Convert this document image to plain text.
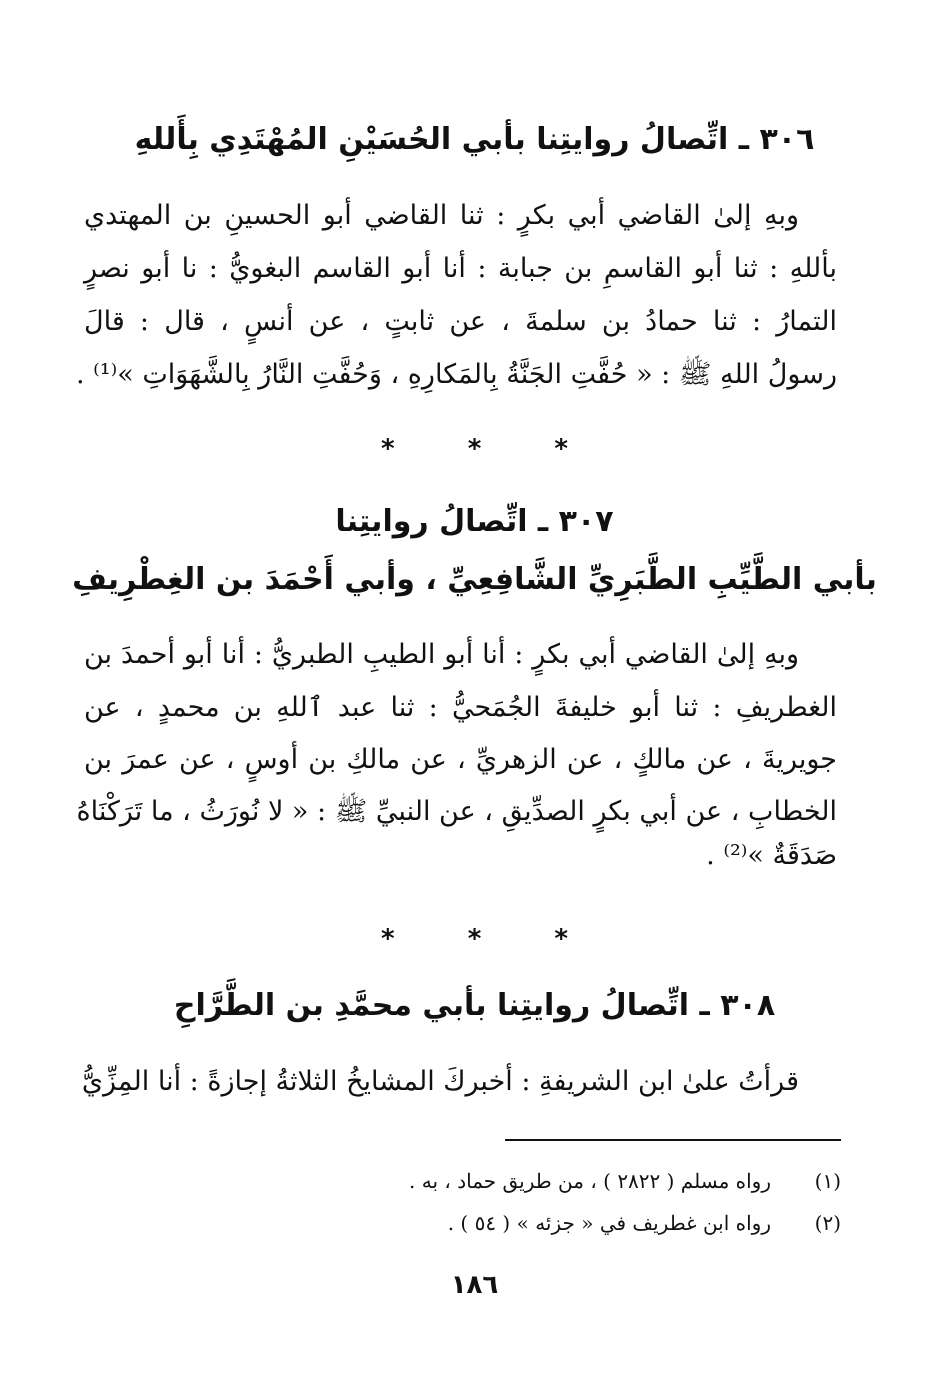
٣٠٦ ـ اتِّصالُ روايتِنا بأبي الحُسَيْنِ المُهْتَدِي بِأَللهِ
وبهِ إلىٰ القاضي أبي بكرٍ : ثنا القاضي أبو الحسينِ بن المهتدي
بأللهِ : ثنا أبو القاسمِ بن جبابة : أنا أبو القاسم البغويُّ : نا أبو نصرٍ
التمارُ : ثنا حمادُ بن سلمةَ ، عن ثابتٍ ، عن أنسٍ ، قال : قالَ
رسولُ اللهِ ﷺ : « حُفَّتِ الجَنَّةُ بِالمَكارِهِ ، وَحُفَّتِ النَّارُ بِالشَّهَوَاتِ »⁽¹⁾ .
* * *
٣٠٧ ـ اتِّصالُ روايتِنا
بأبي الطَّيِّبِ الطَّبَرِيِّ الشَّافِعِيِّ ، وأبي أَحْمَدَ بن الغِطْرِيفِ
وبهِ إلىٰ القاضي أبي بكرٍ : أنا أبو الطيبِ الطبريُّ : أنا أبو أحمدَ بن
الغطريفِ : ثنا أبو خليفةَ الجُمَحيُّ : ثنا عبد ٱللهِ بن محمدٍ ، عن
جويريةَ ، عن مالكٍ ، عن الزهريِّ ، عن مالكِ بن أوسٍ ، عن عمرَ بن
الخطابِ ، عن أبي بكرٍ الصدِّيقِ ، عن النبيِّ ﷺ : « لا نُورَثُ ، ما تَرَكْنَاهُ
صَدَقَةٌ »⁽²⁾ .
* * *
٣٠٨ ـ اتِّصالُ روايتِنا بأبي محمَّدِ بن الطَّرَّاحِ
قرأتُ علىٰ ابن الشريفةِ : أخبركَ المشايخُ الثلاثةُ إجازةً : أنا المِزِّيُّ
(١)رواه مسلم ( ٢٨٢٢ ) ، من طريق حماد ، به .
(٢)رواه ابن غطريف في « جزئه » ( ٥٤ ) .
١٨٦
